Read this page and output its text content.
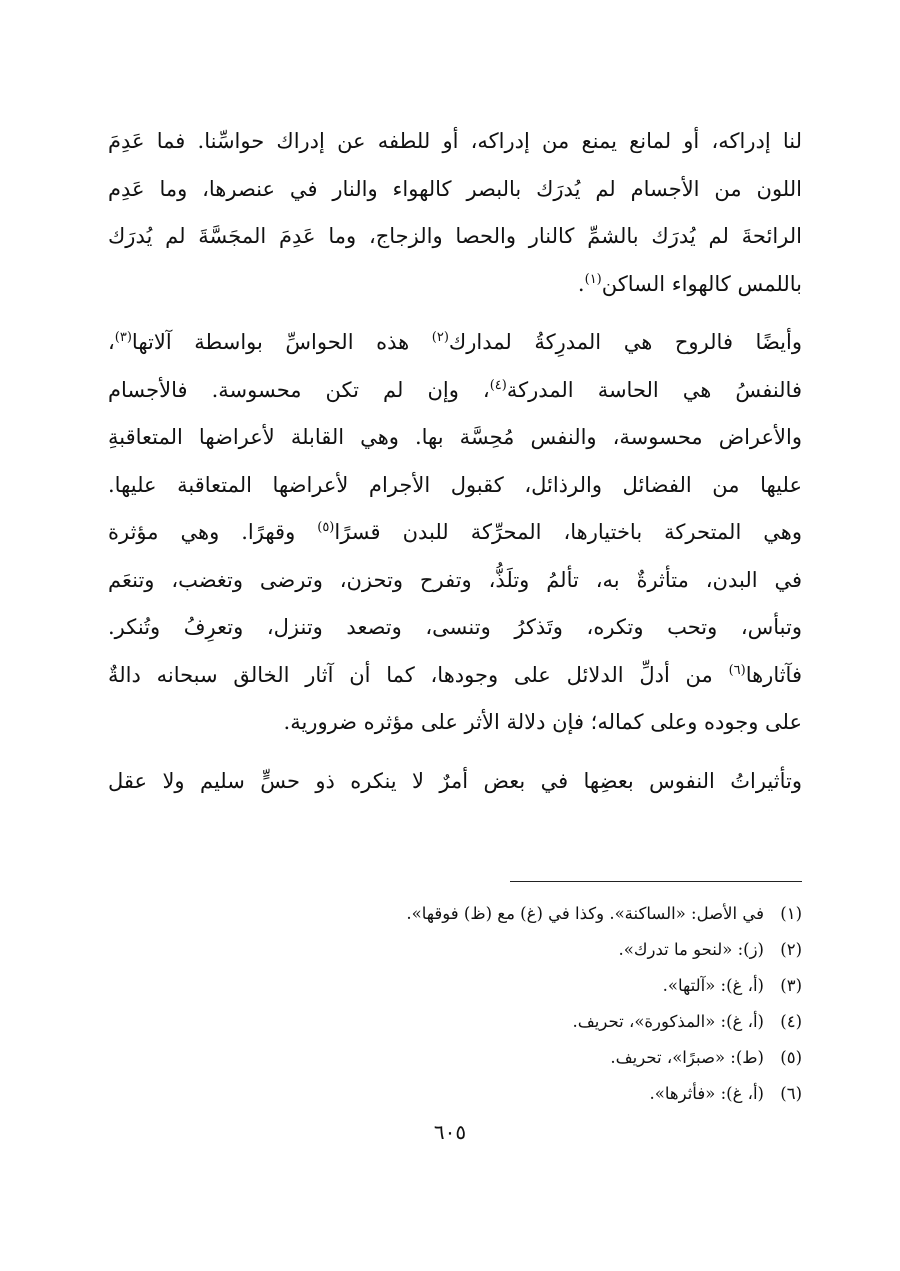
لنا إدراكه، أو لمانع يمنع من إدراكه، أو للطفه عن إدراك حواسِّنا. فما عَدِمَ
اللون من الأجسام لم يُدرَك بالبصر كالهواء والنار في عنصرها، وما عَدِم
الرائحةَ لم يُدرَك بالشمِّ كالنار والحصا والزجاج، وما عَدِمَ المجَسَّةَ لم يُدرَك
باللمس كالهواء الساكن$^{(١)}$.
وأيضًا فالروح هي المدرِكةُ لمدارك$^{(٢)}$ هذه الحواسِّ بواسطة آلاتها$^{(٣)}$،
فالنفسُ هي الحاسة المدركة$^{(٤)}$، وإن لم تكن محسوسة. فالأجسام
والأعراض محسوسة، والنفس مُحِسَّة بها. وهي القابلة لأعراضها المتعاقبةِ
عليها من الفضائل والرذائل، كقبول الأجرام لأعراضها المتعاقبة عليها.
وهي المتحركة باختيارها، المحرِّكة للبدن قسرًا$^{(٥)}$ وقهرًا. وهي مؤثرة
في البدن، متأثرةٌ به، تألمُ وتلَذُّ، وتفرح وتحزن، وترضى وتغضب، وتنعَم
وتبأس، وتحب وتكره، وتَذكرُ وتنسى، وتصعد وتنزل، وتعرِفُ وتُنكر.
فآثارها$^{(٦)}$ من أدلِّ الدلائل على وجودها، كما أن آثار الخالق سبحانه دالةٌ
على وجوده وعلى كماله؛ فإن دلالة الأثر على مؤثره ضرورية.
وتأثيراتُ النفوس بعضِها في بعض أمرٌ لا ينكره ذو حسٍّ سليم ولا عقل
(١)في الأصل: «الساكنة». وكذا في (غ) مع (ظ) فوقها».
(٢)(ز): «لنحو ما تدرك».
(٣)(أ، غ): «آلتها».
(٤)(أ، غ): «المذكورة»، تحريف.
(٥)(ط): «صبرًا»، تحريف.
(٦)(أ، غ): «فأثرها».
٦٠٥
